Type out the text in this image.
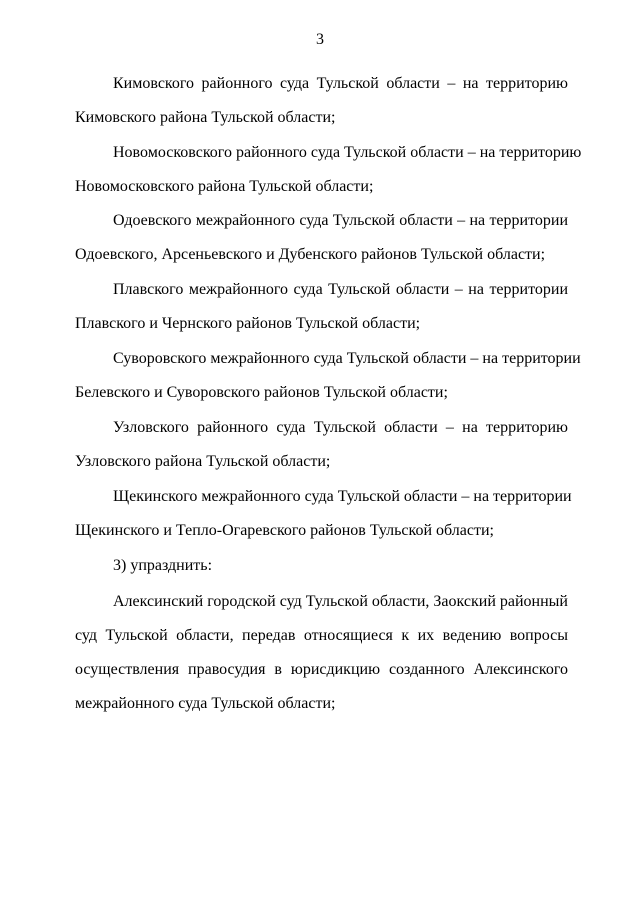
3
Кимовского районного суда Тульской области – на территорию
Кимовского района Тульской области;
Новомосковского районного суда Тульской области – на территорию
Новомосковского района Тульской области;
Одоевского межрайонного суда Тульской области – на территории
Одоевского, Арсеньевского и Дубенского районов Тульской области;
Плавского межрайонного суда Тульской области – на территории
Плавского и Чернского районов Тульской области;
Суворовского межрайонного суда Тульской области – на территории
Белевского и Суворовского районов Тульской области;
Узловского районного суда Тульской области – на территорию
Узловского района Тульской области;
Щекинского межрайонного суда Тульской области – на территории
Щекинского и Тепло-Огаревского районов Тульской области;
3) упразднить:
Алексинский городской суд Тульской области, Заокский районный
суд Тульской области, передав относящиеся к их ведению вопросы
осуществления правосудия в юрисдикцию созданного Алексинского
межрайонного суда Тульской области;
